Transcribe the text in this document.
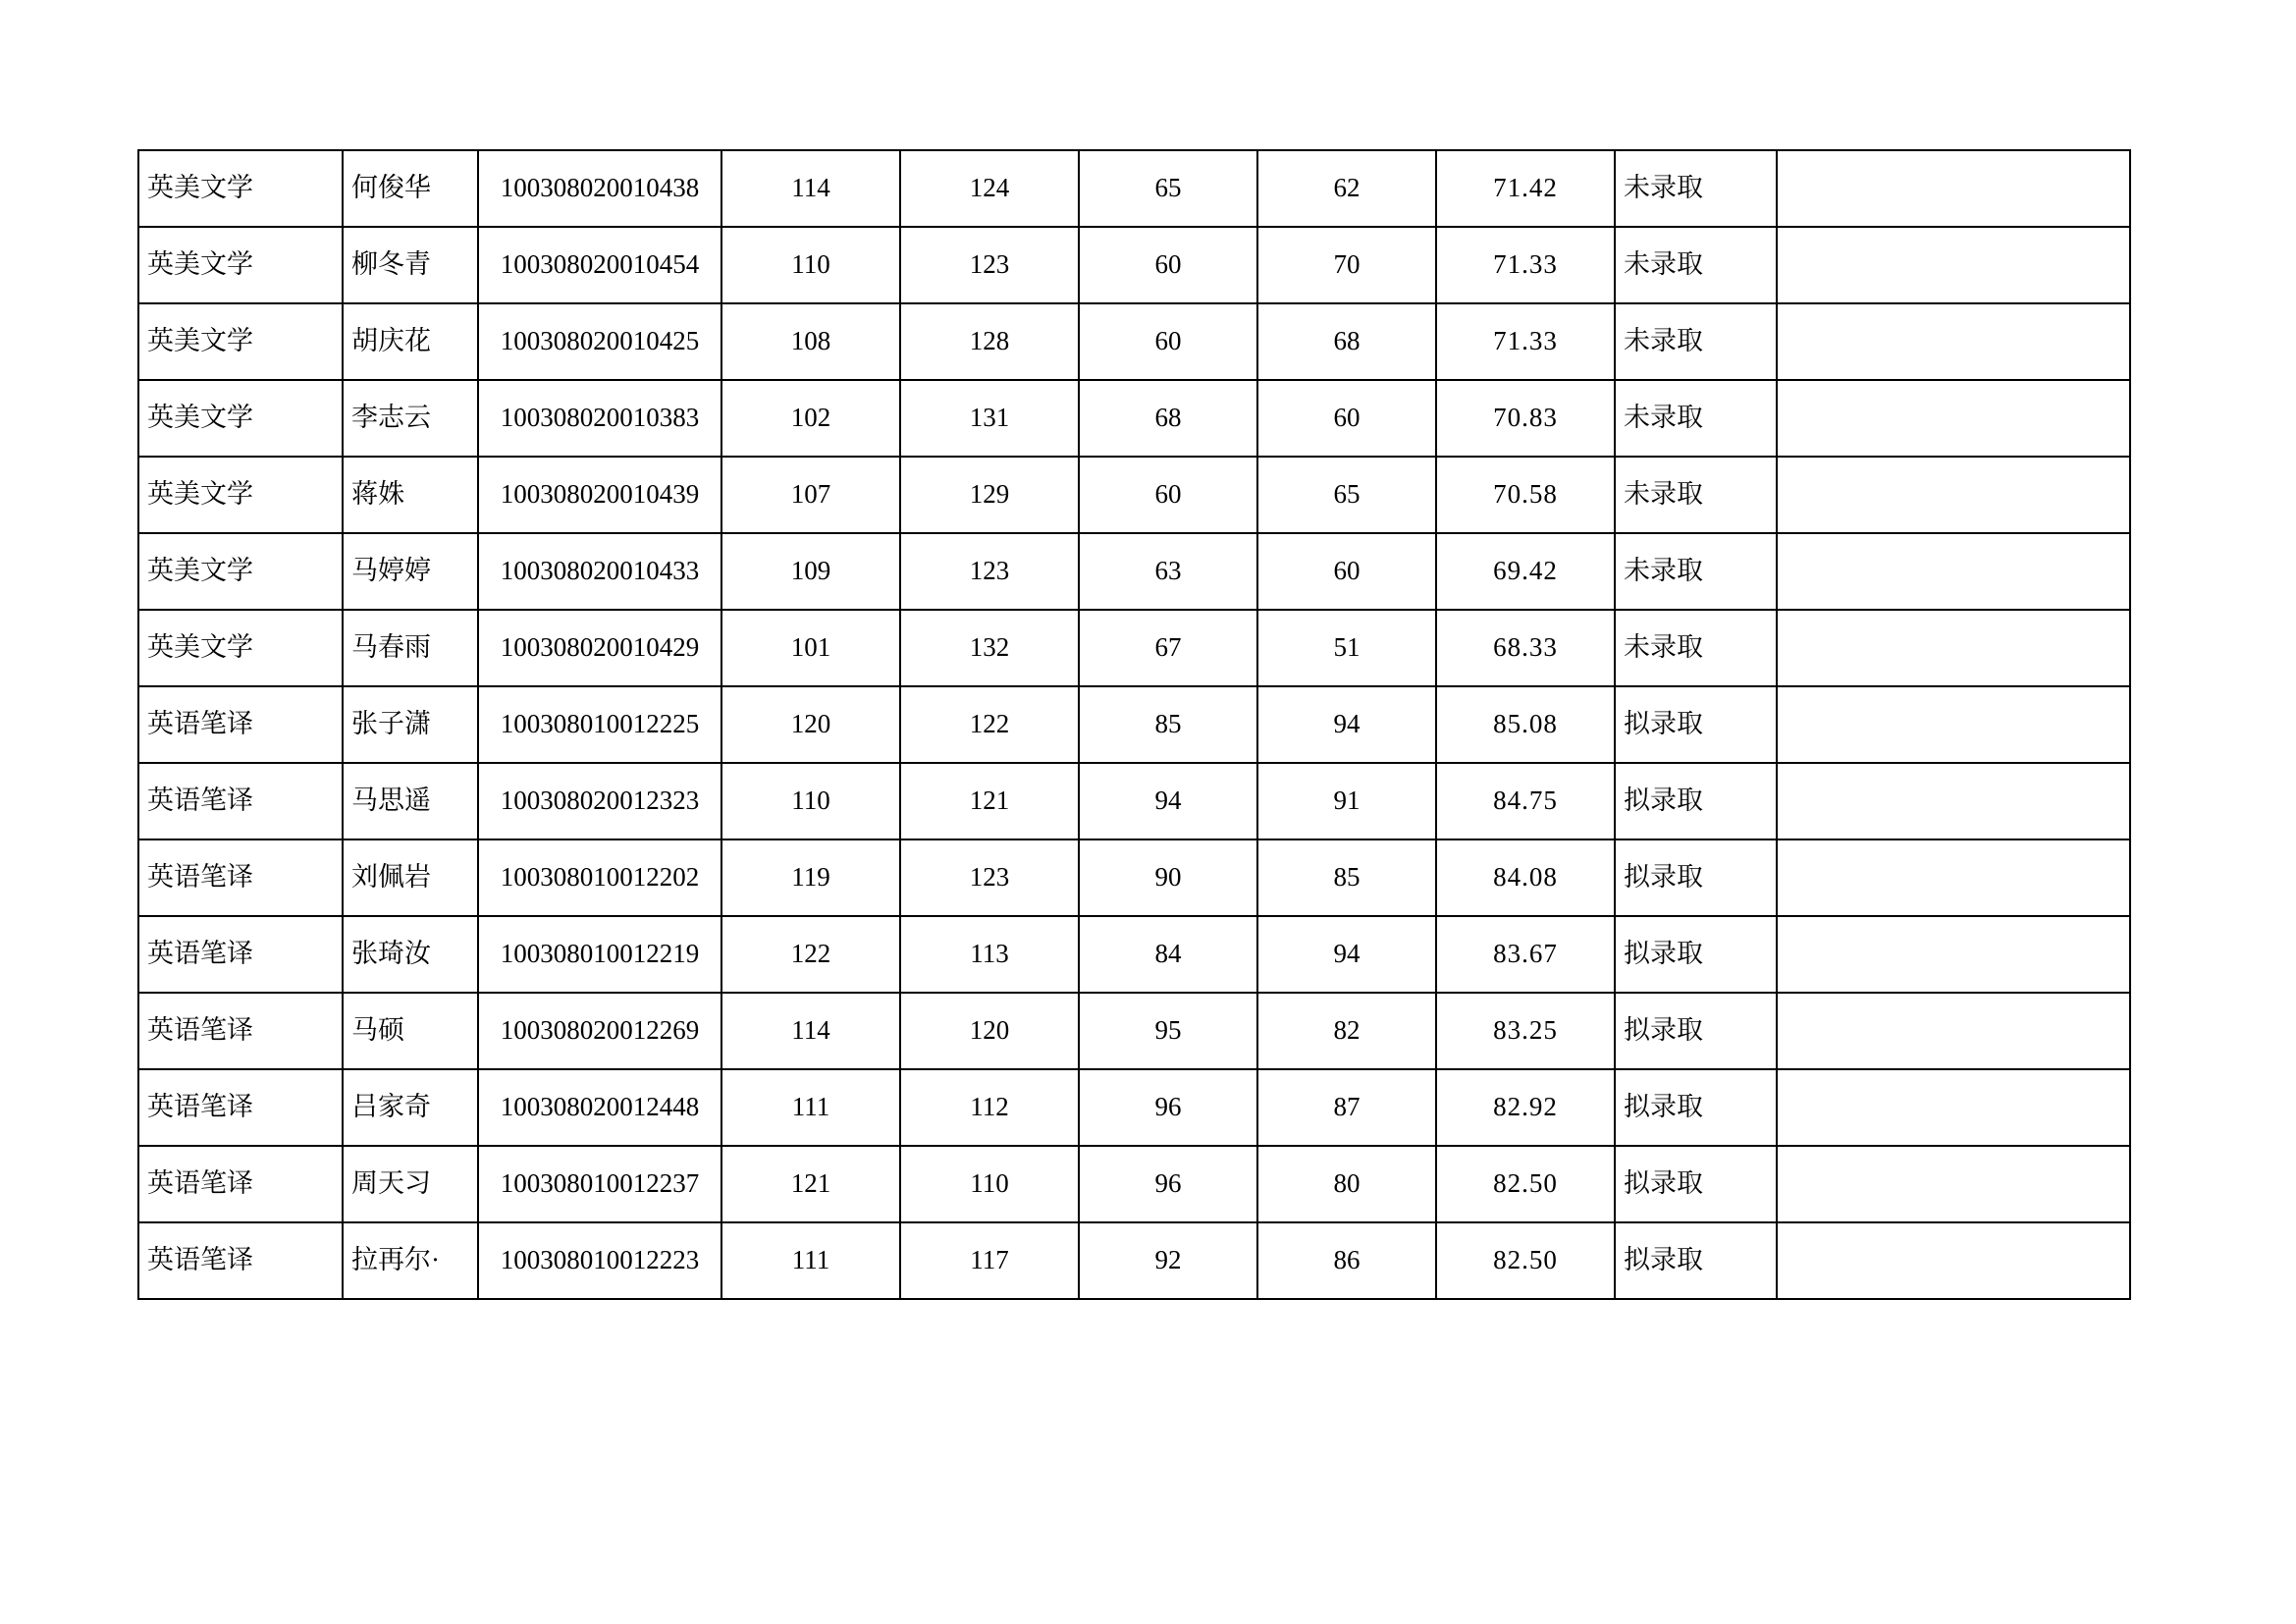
英美文学	何俊华	100308020010438	114	124	65	62	71.42	未录取	
英美文学	柳冬青	100308020010454	110	123	60	70	71.33	未录取	
英美文学	胡庆花	100308020010425	108	128	60	68	71.33	未录取	
英美文学	李志云	100308020010383	102	131	68	60	70.83	未录取	
英美文学	蒋姝	100308020010439	107	129	60	65	70.58	未录取	
英美文学	马婷婷	100308020010433	109	123	63	60	69.42	未录取	
英美文学	马春雨	100308020010429	101	132	67	51	68.33	未录取	
英语笔译	张子潇	100308010012225	120	122	85	94	85.08	拟录取	
英语笔译	马思遥	100308020012323	110	121	94	91	84.75	拟录取	
英语笔译	刘佩岩	100308010012202	119	123	90	85	84.08	拟录取	
英语笔译	张琦汝	100308010012219	122	113	84	94	83.67	拟录取	
英语笔译	马硕	100308020012269	114	120	95	82	83.25	拟录取	
英语笔译	吕家奇	100308020012448	111	112	96	87	82.92	拟录取	
英语笔译	周天习	100308010012237	121	110	96	80	82.50	拟录取	
英语笔译	拉再尔·	100308010012223	111	117	92	86	82.50	拟录取	
